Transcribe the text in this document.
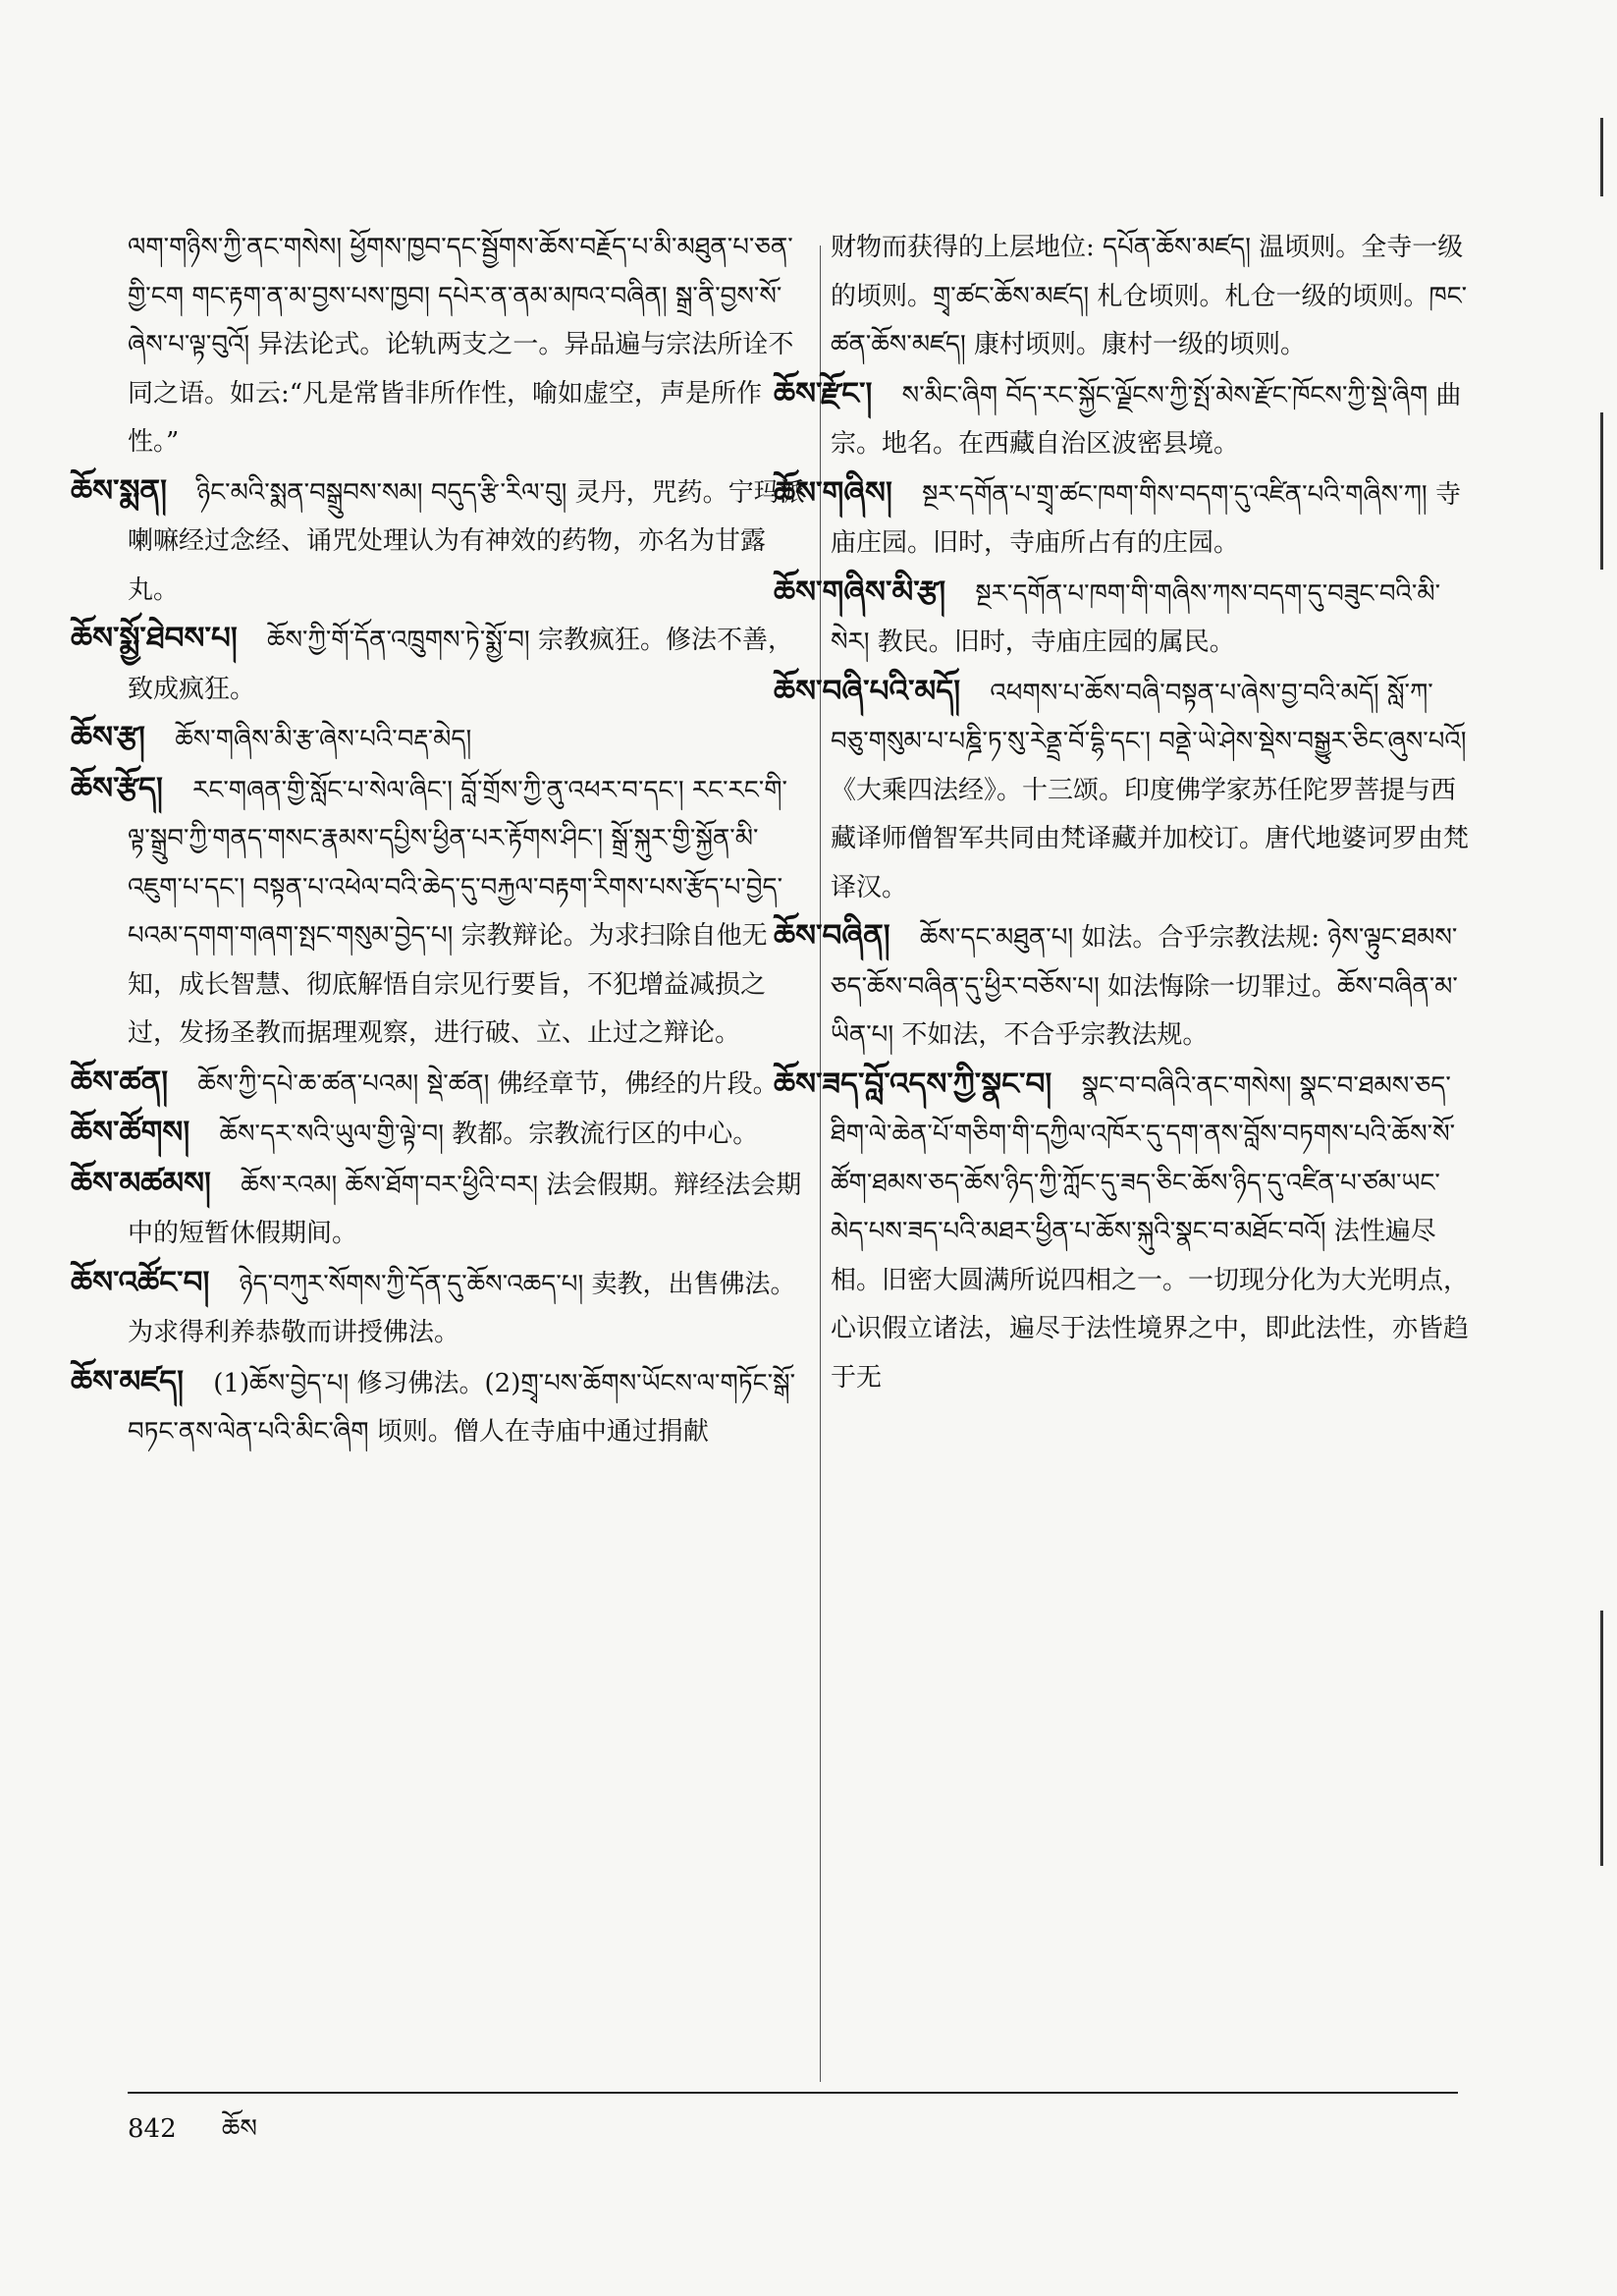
ལག་གཉིས་ཀྱི་ནང་གསེས། ཕྱོགས་ཁྱབ་དང་སྦྱོགས་ཆོས་བརྗོད་པ་མི་མཐུན་པ་ཅན་གྱི་ངག གང་རྟག་ན་མ་བྱས་པས་ཁྱབ། དཔེར་ན་ནམ་མཁའ་བཞིན། སྒྲ་ནི་བྱས་སོ་ཞེས་པ་ལྟ་བུའོ། 异法论式。论轨两支之一。异品遍与宗法所诠不同之语。如云:“凡是常皆非所作性，喻如虚空，声是所作性。”

ཆོས་སྨན། ཉིང་མའི་སྨན་བསྒྲུབས་སམ། བདུད་རྩི་རིལ་བུ། 灵丹，咒药。宁玛派喇嘛经过念经、诵咒处理认为有神效的药物，亦名为甘露丸。

ཆོས་སྨྱོ་ཐེབས་པ། ཆོས་ཀྱི་གོ་དོན་འཁྲུགས་ཏེ་སྨྱོ་བ། 宗教疯狂。修法不善，致成疯狂。

ཆོས་རྩ། ཆོས་གཞིས་མི་རྩ་ཞེས་པའི་བརྡ་མེད།

ཆོས་རྩོད། རང་གཞན་གྱི་སློང་པ་སེལ་ཞིང་། བློ་གྲོས་ཀྱི་ནུ་འཕར་བ་དང་། རང་རང་གི་ལྟ་སྒྲུབ་ཀྱི་གནད་གསང་རྣམས་དཔྱིས་ཕྱིན་པར་རྟོགས་ཤིང་། སྒྲོ་སྐུར་གྱི་སྐྱོན་མི་འཇུག་པ་དང་། བསྟན་པ་འཕེལ་བའི་ཆེད་དུ་བརྐྱལ་བརྟག་རིགས་པས་རྩོད་པ་བྱེད་པའམ་དགག་གཞག་སྤང་གསུམ་བྱེད་པ། 宗教辩论。为求扫除自他无知，成长智慧、彻底解悟自宗见行要旨，不犯增益减损之过，发扬圣教而据理观察，进行破、立、止过之辩论。

ཆོས་ཚན། ཆོས་ཀྱི་དཔེ་ཆ་ཚན་པའམ། སྡེ་ཚན། 佛经章节，佛经的片段。

ཆོས་ཚོགས། ཆོས་དར་སའི་ཡུལ་གྱི་ལྟེ་བ། 教都。宗教流行区的中心。

ཆོས་མཚམས། ཆོས་རའམ། ཆོས་ཐོག་བར་ཕྱིའི་བར། 法会假期。辩经法会期中的短暂休假期间。

ཆོས་འཚོང་བ། ཉེད་བཀུར་སོགས་ཀྱི་དོན་དུ་ཆོས་འཆད་པ། 卖教，出售佛法。为求得利养恭敬而讲授佛法。

ཆོས་མཛད། (1)ཆོས་བྱེད་པ། 修习佛法。(2)གྲྭ་པས་ཆོགས་ཡོངས་ལ་གཏོང་སྒོ་བཏང་ནས་ལེན་པའི་མིང་ཞིག 顷则。僧人在寺庙中通过捐献

财物而获得的上层地位: དཔོན་ཆོས་མཛད། 温顷则。全寺一级的顷则。གྲྭ་ཚང་ཆོས་མཛད། 札仓顷则。札仓一级的顷则。ཁང་ཚན་ཆོས་མཛད། 康村顷则。康村一级的顷则。

ཆོས་རྫོང་། ས་མིང་ཞིག བོད་རང་སྐྱོང་ལྗོངས་ཀྱི་སྤོ་མེས་རྫོང་ཁོངས་ཀྱི་སྡེ་ཞིག 曲宗。地名。在西藏自治区波密县境。

ཆོས་གཞིས། སྔར་དགོན་པ་གྲྭ་ཚང་ཁག་གིས་བདག་དུ་འཛིན་པའི་གཞིས་ཀ། 寺庙庄园。旧时，寺庙所占有的庄园。

ཆོས་གཞིས་མི་རྩ། སྔར་དགོན་པ་ཁག་གི་གཞིས་ཀས་བདག་དུ་བཟུང་བའི་མི་སེར། 教民。旧时，寺庙庄园的属民。

ཆོས་བཞི་པའི་མདོ། འཕགས་པ་ཆོས་བཞི་བསྟན་པ་ཞེས་བྱ་བའི་མདོ། སློ་ཀ་བཅུ་གསུམ་པ་པཎྜི་ཏ་སུ་རེནྡྲ་བོ་དྷི་དང་། བནྡེ་ཡེ་ཤེས་སྡེས་བསྒྱུར་ཅིང་ཞུས་པའོ། 《大乘四法经》。十三颂。印度佛学家苏任陀罗菩提与西藏译师僧智军共同由梵译藏并加校订。唐代地婆诃罗由梵译汉。

ཆོས་བཞིན། ཆོས་དང་མཐུན་པ། 如法。合乎宗教法规: ཉེས་ལྟུང་ཐམས་ཅད་ཆོས་བཞིན་དུ་ཕྱིར་བཅོས་པ། 如法悔除一切罪过。ཆོས་བཞིན་མ་ཡིན་པ། 不如法，不合乎宗教法规。

ཆོས་ཟད་བློ་འདས་ཀྱི་སྣང་བ། སྣང་བ་བཞིའི་ནང་གསེས། སྣང་བ་ཐམས་ཅད་ཐིག་ལེ་ཆེན་པོ་གཅིག་གི་དཀྱིལ་འཁོར་དུ་དག་ནས་བློས་བཏགས་པའི་ཆོས་སོ་ཚོག་ཐམས་ཅད་ཆོས་ཉིད་ཀྱི་ཀློང་དུ་ཟད་ཅིང་ཆོས་ཉིད་དུ་འཛིན་པ་ཙམ་ཡང་མེད་པས་ཟད་པའི་མཐར་ཕྱིན་པ་ཆོས་སྐུའི་སྣང་བ་མཐོང་བའོ། 法性遍尽相。旧密大圆满所说四相之一。一切现分化为大光明点，心识假立诸法，遍尽于法性境界之中，即此法性，亦皆趋于无

842 ཆོས
